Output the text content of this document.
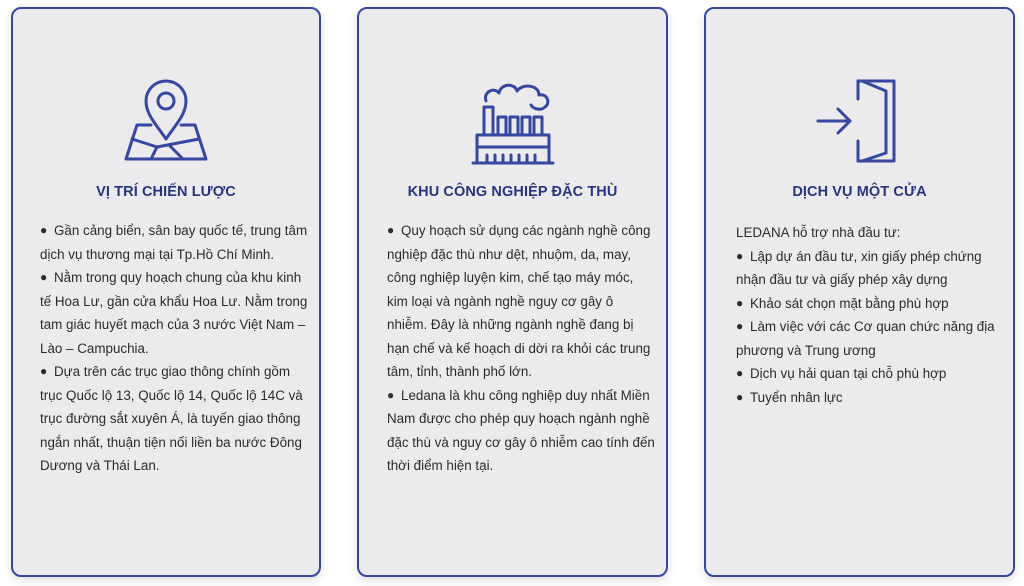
VỊ TRÍ CHIẾN LƯỢC

● Gần cảng biển, sân bay quốc tế, trung tâm dịch vụ thương mại tại Tp.Hồ Chí Minh.

● Nằm trong quy hoạch chung của khu kinh tế Hoa Lư, gần cửa khẩu Hoa Lư. Nằm trong tam giác huyết mạch của 3 nước Việt Nam – Lào – Campuchia.

● Dựa trên các trục giao thông chính gồm trục Quốc lộ 13, Quốc lộ 14, Quốc lộ 14C và trục đường sắt xuyên Á, là tuyến giao thông ngắn nhất, thuận tiện nối liền ba nước Đông Dương và Thái Lan.

KHU CÔNG NGHIỆP ĐẶC THÙ

● Quy hoạch sử dụng các ngành nghề công nghiệp đặc thù như dệt, nhuộm, da, may, công nghiệp luyện kim, chế tạo máy móc, kim loại và ngành nghề nguy cơ gây ô nhiễm. Đây là những ngành nghề đang bị hạn chế và kế hoạch di dời ra khỏi các trung tâm, tỉnh, thành phố lớn.

● Ledana là khu công nghiệp duy nhất Miền Nam được cho phép quy hoạch ngành nghề đặc thù và nguy cơ gây ô nhiễm cao tính đến thời điểm hiện tại.

DỊCH VỤ MỘT CỬA

LEDANA hỗ trợ nhà đầu tư:

● Lập dự án đầu tư, xin giấy phép chứng nhận đầu tư và giấy phép xây dựng

● Khảo sát chọn mặt bằng phù hợp

● Làm việc với các Cơ quan chức năng địa phương và Trung ương

● Dịch vụ hải quan tại chỗ phù hợp

● Tuyển nhân lực
